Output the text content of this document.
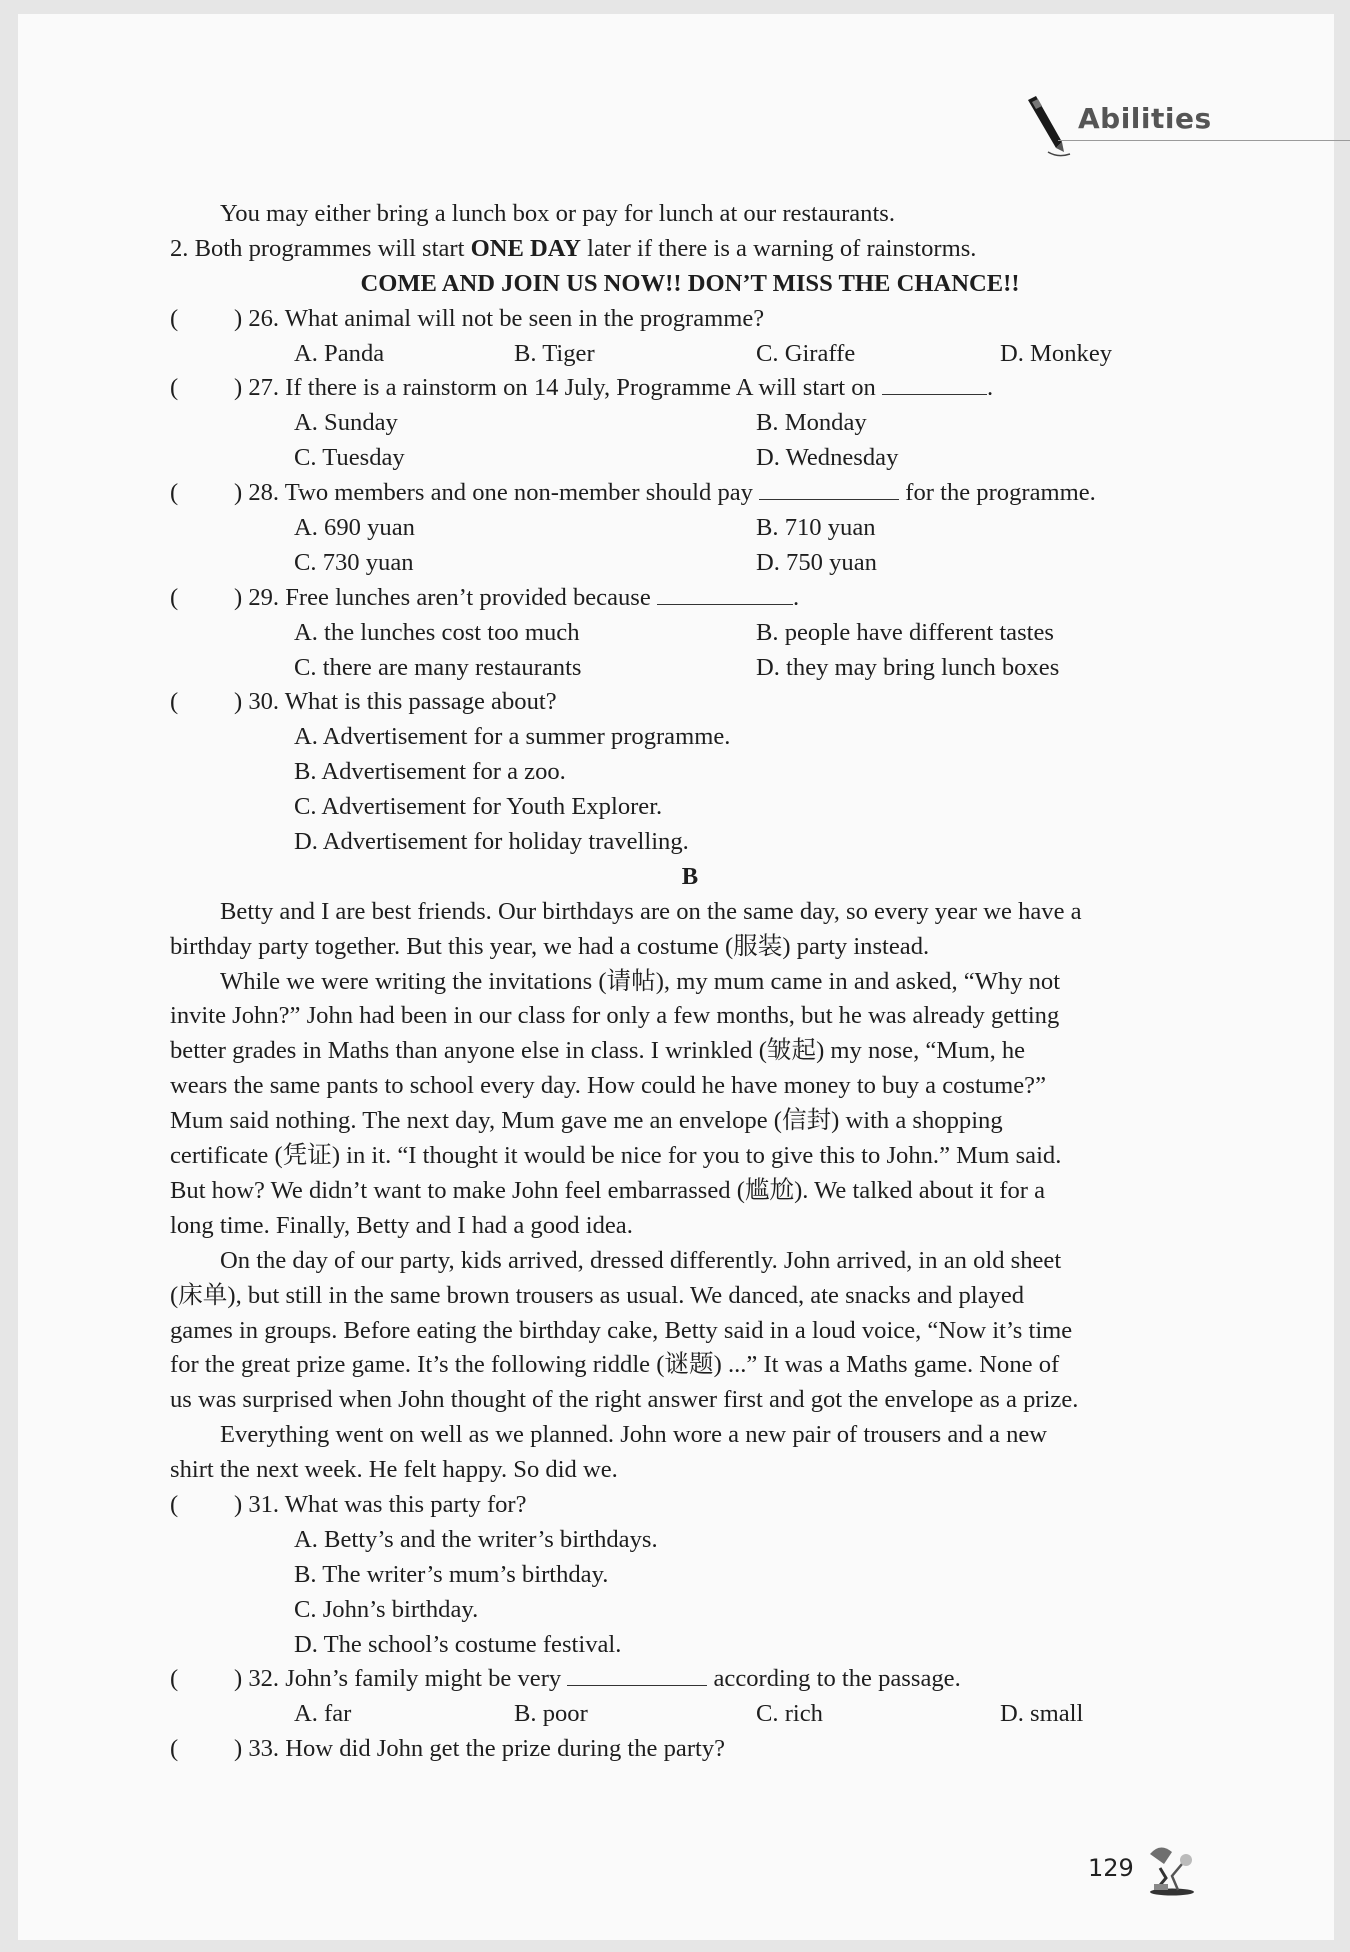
Abilities
You may either bring a lunch box or pay for lunch at our restaurants.
2. Both programmes will start ONE DAY later if there is a warning of rainstorms.
COME AND JOIN US NOW!! DON’T MISS THE CHANCE!!
( ) 26. What animal will not be seen in the programme?
A. Panda	B. Tiger	C. Giraffe	D. Monkey
( ) 27. If there is a rainstorm on 14 July, Programme A will start on	.
A. Sunday	B. Monday
C. Tuesday	D. Wednesday
( ) 28. Two members and one non-member should pay	for the programme.
A. 690 yuan	B. 710 yuan
C. 730 yuan	D. 750 yuan
( ) 29. Free lunches aren’t provided because	.
A. the lunches cost too much	B. people have different tastes
C. there are many restaurants	D. they may bring lunch boxes
( ) 30. What is this passage about?
A. Advertisement for a summer programme.
B. Advertisement for a zoo.
C. Advertisement for Youth Explorer.
D. Advertisement for holiday travelling.
B
Betty and I are best friends. Our birthdays are on the same day, so every year we have a
birthday party together. But this year, we had a costume (服装) party instead.
While we were writing the invitations (请帖), my mum came in and asked, “Why not
invite John?” John had been in our class for only a few months, but he was already getting
better grades in Maths than anyone else in class. I wrinkled (皱起) my nose, “Mum, he
wears the same pants to school every day. How could he have money to buy a costume?”
Mum said nothing. The next day, Mum gave me an envelope (信封) with a shopping
certificate (凭证) in it. “I thought it would be nice for you to give this to John.” Mum said.
But how? We didn’t want to make John feel embarrassed (尴尬). We talked about it for a
long time. Finally, Betty and I had a good idea.
On the day of our party, kids arrived, dressed differently. John arrived, in an old sheet
(床单), but still in the same brown trousers as usual. We danced, ate snacks and played
games in groups. Before eating the birthday cake, Betty said in a loud voice, “Now it’s time
for the great prize game. It’s the following riddle (谜题) ...” It was a Maths game. None of
us was surprised when John thought of the right answer first and got the envelope as a prize.
Everything went on well as we planned. John wore a new pair of trousers and a new
shirt the next week. He felt happy. So did we.
( ) 31. What was this party for?
A. Betty’s and the writer’s birthdays.
B. The writer’s mum’s birthday.
C. John’s birthday.
D. The school’s costume festival.
( ) 32. John’s family might be very	according to the passage.
A. far	B. poor	C. rich	D. small
( ) 33. How did John get the prize during the party?
129
